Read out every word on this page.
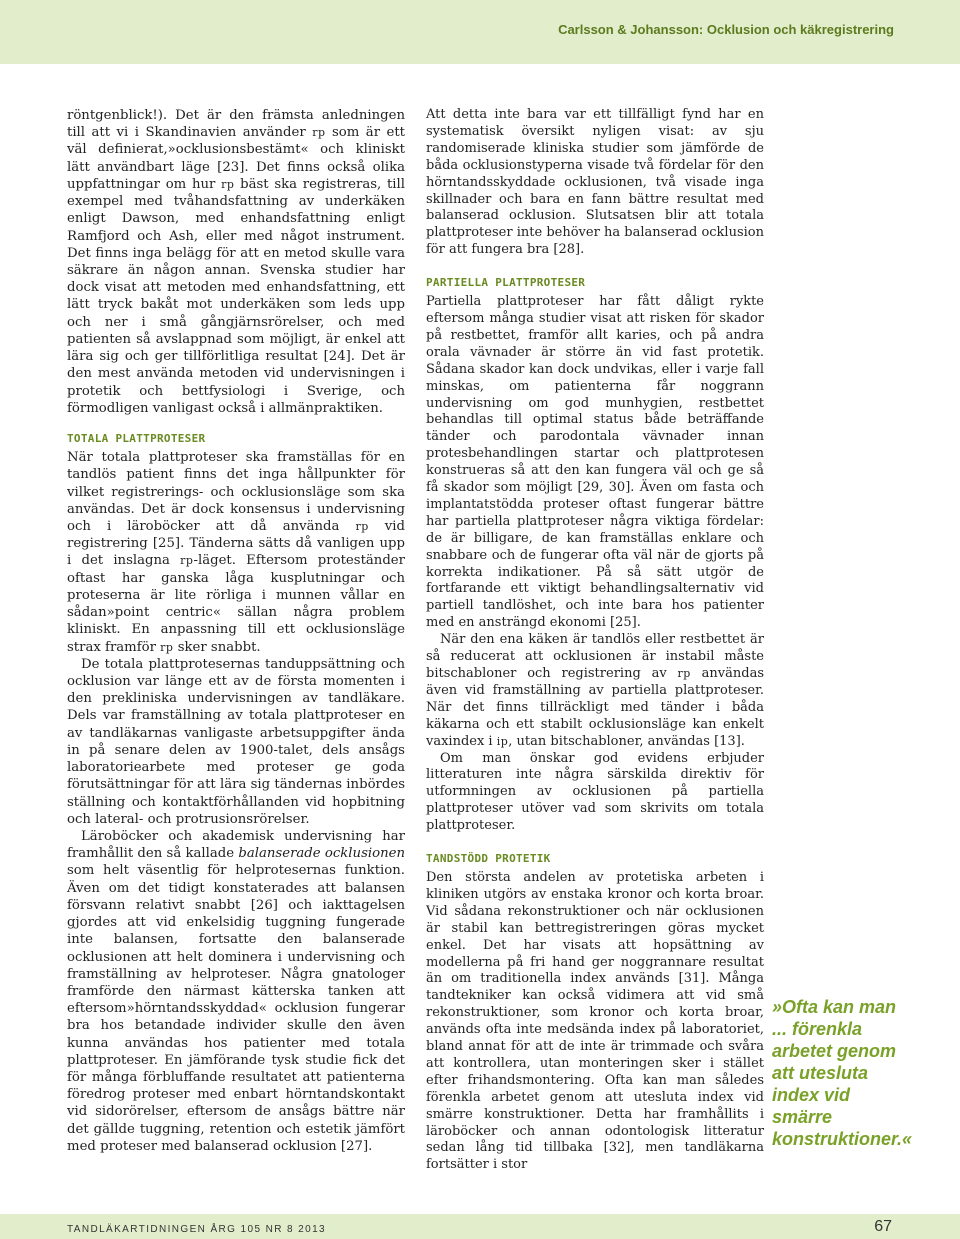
Carlsson & Johansson: Ocklusion och käkregistrering

röntgenblick!). Det är den främsta anledningen till att vi i Skandinavien använder rp som är ett väl definierat,»ocklusionsbestämt« och kliniskt lätt användbart läge [23]. Det finns också olika uppfattningar om hur rp bäst ska registreras, till exempel med tvåhandsfattning av underkäken enligt Dawson, med enhandsfattning enligt Ramfjord och Ash, eller med något instrument. Det finns inga belägg för att en metod skulle vara säkrare än någon annan. Svenska studier har dock visat att metoden med enhandsfattning, ett lätt tryck bakåt mot underkäken som leds upp och ner i små gångjärnsrörelser, och med patienten så avslappnad som möjligt, är enkel att lära sig och ger tillförlitliga resultat [24]. Det är den mest använda metoden vid undervisningen i protetik och bettfysiologi i Sverige, och förmodligen vanligast också i allmänpraktiken.

TOTALA PLATTPROTESER

När totala plattproteser ska framställas för en tandlös patient finns det inga hållpunkter för vilket registrerings- och ocklusionsläge som ska användas. Det är dock konsensus i undervisning och i läroböcker att då använda rp vid registrering [25]. Tänderna sätts då vanligen upp i det inslagna rp-läget. Eftersom proteständer oftast har ganska låga kusplutningar och proteserna är lite rörliga i munnen vållar en sådan»point centric« sällan några problem kliniskt. En anpassning till ett ocklusionsläge strax framför rp sker snabbt.

De totala plattprotesernas tanduppsättning och ocklusion var länge ett av de första momenten i den prekliniska undervisningen av tandläkare. Dels var framställning av totala plattproteser en av tandläkarnas vanligaste arbetsuppgifter ända in på senare delen av 1900-talet, dels ansågs laboratoriearbete med proteser ge goda förutsättningar för att lära sig tändernas inbördes ställning och kontaktförhållanden vid hopbitning och lateral- och protrusionsrörelser.

Läroböcker och akademisk undervisning har framhållit den så kallade balanserade ocklusionen som helt väsentlig för helprotesernas funktion. Även om det tidigt konstaterades att balansen försvann relativt snabbt [26] och iakttagelsen gjordes att vid enkelsidig tuggning fungerade inte balansen, fortsatte den balanserade ocklusionen att helt dominera i undervisning och framställning av helproteser. Några gnatologer framförde den närmast kätterska tanken att eftersom»hörntandsskyddad« ocklusion fungerar bra hos betandade individer skulle den även kunna användas hos patienter med totala plattproteser. En jämförande tysk studie fick det för många förbluffande resultatet att patienterna föredrog proteser med enbart hörntandskontakt vid sidorörelser, eftersom de ansågs bättre när det gällde tuggning, retention och estetik jämfört med proteser med balanserad ocklusion [27].

Att detta inte bara var ett tillfälligt fynd har en systematisk översikt nyligen visat: av sju randomiserade kliniska studier som jämförde de båda ocklusionstyperna visade två fördelar för den hörntandsskyddade ocklusionen, två visade inga skillnader och bara en fann bättre resultat med balanserad ocklusion. Slutsatsen blir att totala plattproteser inte behöver ha balanserad ocklusion för att fungera bra [28].

PARTIELLA PLATTPROTESER

Partiella plattproteser har fått dåligt rykte eftersom många studier visat att risken för skador på restbettet, framför allt karies, och på andra orala vävnader är större än vid fast protetik. Sådana skador kan dock undvikas, eller i varje fall minskas, om patienterna får noggrann undervisning om god munhygien, restbettet behandlas till optimal status både beträffande tänder och parodontala vävnader innan protesbehandlingen startar och plattprotesen konstrueras så att den kan fungera väl och ge så få skador som möjligt [29, 30]. Även om fasta och implantatstödda proteser oftast fungerar bättre har partiella plattproteser några viktiga fördelar: de är billigare, de kan framställas enklare och snabbare och de fungerar ofta väl när de gjorts på korrekta indikationer. På så sätt utgör de fortfarande ett viktigt behandlingsalternativ vid partiell tandlöshet, och inte bara hos patienter med en ansträngd ekonomi [25].

När den ena käken är tandlös eller restbettet är så reducerat att ocklusionen är instabil måste bitschabloner och registrering av rp användas även vid framställning av partiella plattproteser. När det finns tillräckligt med tänder i båda käkarna och ett stabilt ocklusionsläge kan enkelt vaxindex i ip, utan bitschabloner, användas [13].

Om man önskar god evidens erbjuder litteraturen inte några särskilda direktiv för utformningen av ocklusionen på partiella plattproteser utöver vad som skrivits om totala plattproteser.

TANDSTÖDD PROTETIK

Den största andelen av protetiska arbeten i kliniken utgörs av enstaka kronor och korta broar. Vid sådana rekonstruktioner och när ocklusionen är stabil kan bettregistreringen göras mycket enkel. Det har visats att hopsättning av modellerna på fri hand ger noggrannare resultat än om traditionella index används [31]. Många tandtekniker kan också vidimera att vid små rekonstruktioner, som kronor och korta broar, används ofta inte medsända index på laboratoriet, bland annat för att de inte är trimmade och svåra att kontrollera, utan monteringen sker i stället efter frihandsmontering. Ofta kan man således förenkla arbetet genom att utesluta index vid smärre konstruktioner. Detta har framhållits i läroböcker och annan odontologisk litteratur sedan lång tid tillbaka [32], men tandläkarna fortsätter i stor

»Ofta kan man ... förenkla arbetet genom att utesluta index vid smärre konstruktioner.«
TANDLÄKARTIDNINGEN ÅRG 105 NR 8 2013	67
